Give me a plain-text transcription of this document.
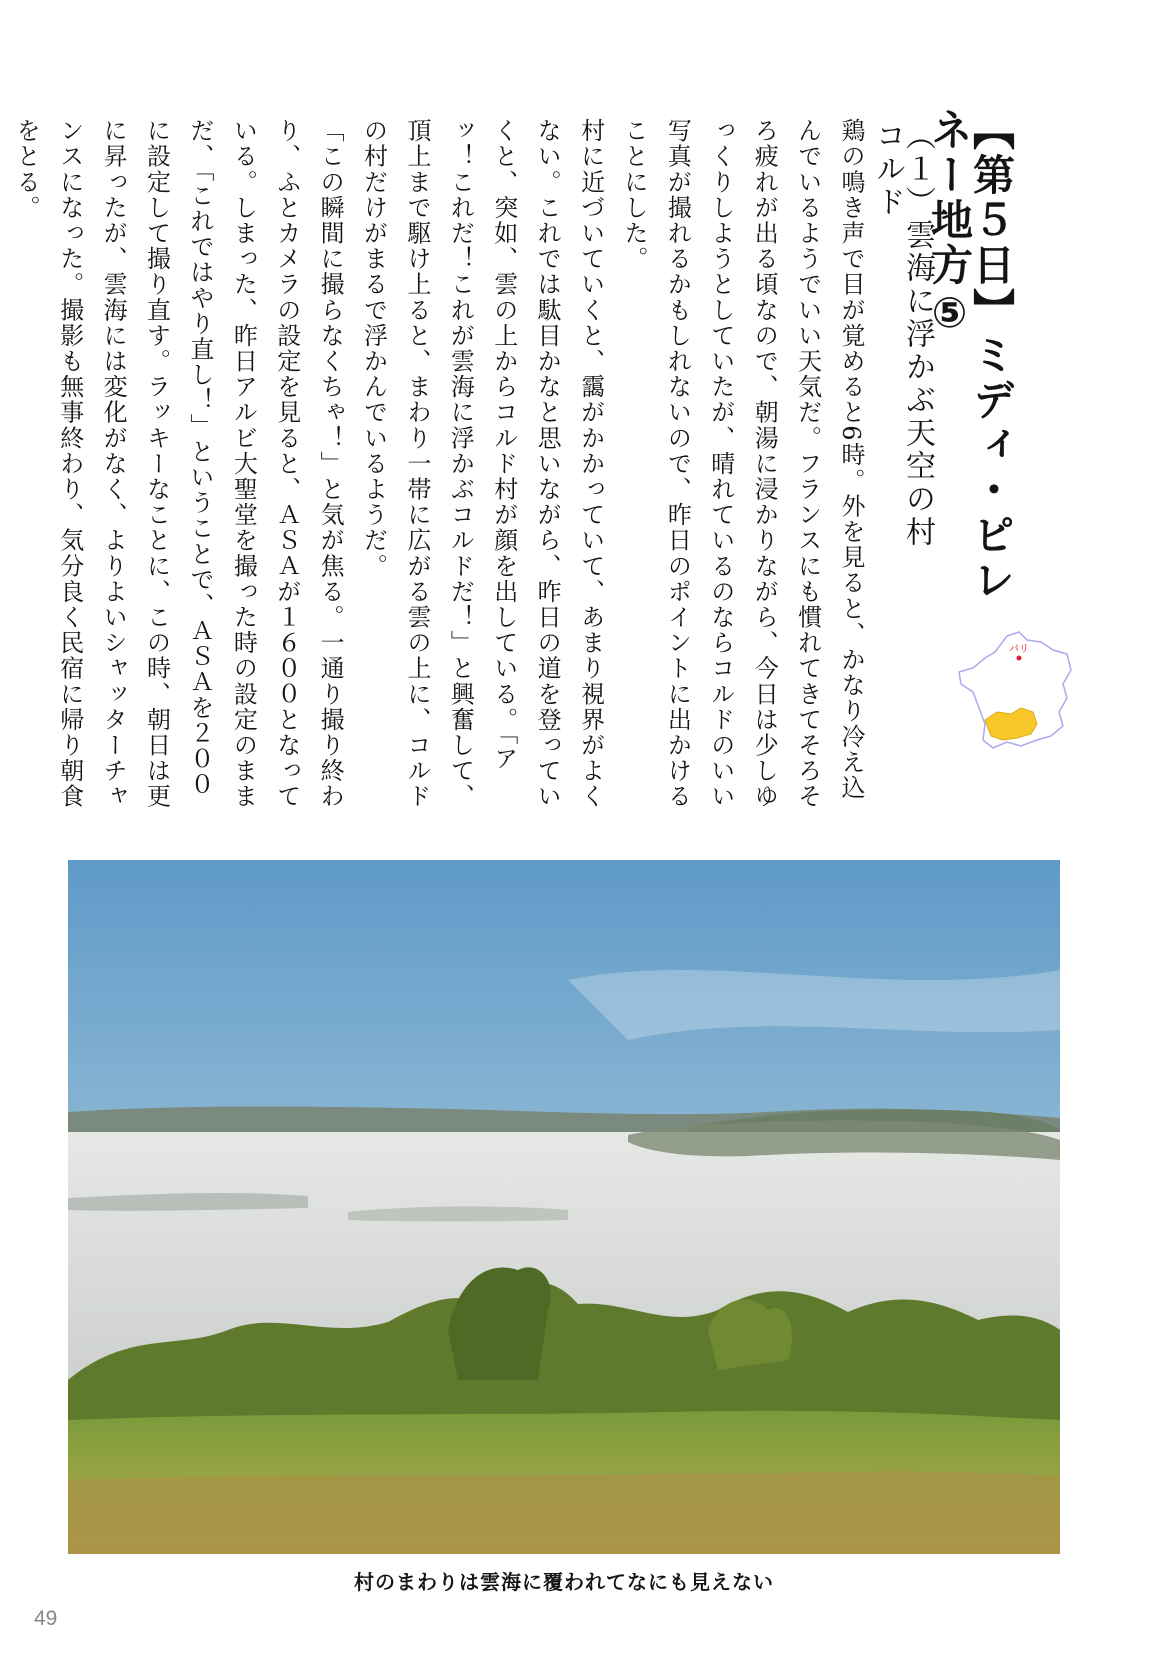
【第５日】ミディ・ピレネー地方⑤
（１）雲海に浮かぶ天空の村 コルド

鶏の鳴き声で目が覚めると6時。外を見ると、かなり冷え込んでいるようでいい天気だ。フランスにも慣れてきてそろそろ疲れが出る頃なので、朝湯に浸かりながら、今日は少しゆっくりしようとしていたが、晴れているのならコルドのいい写真が撮れるかもしれないので、昨日のポイントに出かけることにした。

村に近づいていくと、靄がかかっていて、あまり視界がよくない。これでは駄目かなと思いながら、昨日の道を登っていくと、突如、雲の上からコルド村が顔を出している。「アッ！これだ！これが雲海に浮かぶコルドだ！」と興奮して、頂上まで駆け上ると、まわり一帯に広がる雲の上に、コルドの村だけがまるで浮かんでいるようだ。

「この瞬間に撮らなくちゃ！」と気が焦る。一通り撮り終わり、ふとカメラの設定を見ると、ＡＳＡが１６００となっている。しまった、昨日アルビ大聖堂を撮った時の設定のままだ、「これではやり直し！」ということで、ＡＳＡを２００に設定して撮り直す。ラッキーなことに、この時、朝日は更に昇ったが、雲海には変化がなく、よりよいシャッターチャンスになった。撮影も無事終わり、気分良く民宿に帰り朝食をとる。

パリ
村のまわりは雲海に覆われてなにも見えない
49
